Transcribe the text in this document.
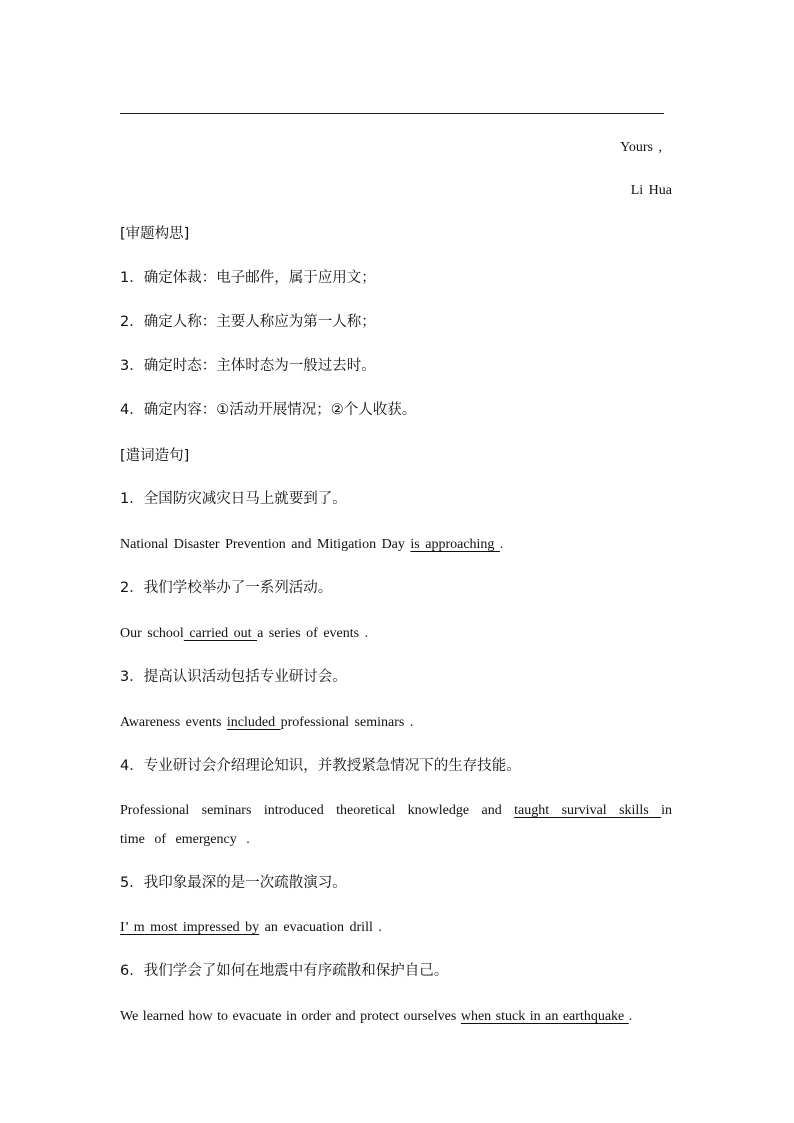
Yours ,
Li Hua
[审题构思]
1．确定体裁：电子邮件，属于应用文；
2．确定人称：主要人称应为第一人称；
3．确定时态：主体时态为一般过去时。
4．确定内容：①活动开展情况；②个人收获。
[遣词造句]
1．全国防灾减灾日马上就要到了。
National Disaster Prevention and Mitigation Day is approaching .
2．我们学校举办了一系列活动。
Our school carried out a series of events .
3．提高认识活动包括专业研讨会。
Awareness events included professional seminars .
4．专业研讨会介绍理论知识，并教授紧急情况下的生存技能。
Professional seminars introduced theoretical knowledge and taught survival skills in time of emergency .
5．我印象最深的是一次疏散演习。
I’ m most impressed by an evacuation drill .
6．我们学会了如何在地震中有序疏散和保护自己。
We learned how to evacuate in order and protect ourselves when stuck in an earthquake .
